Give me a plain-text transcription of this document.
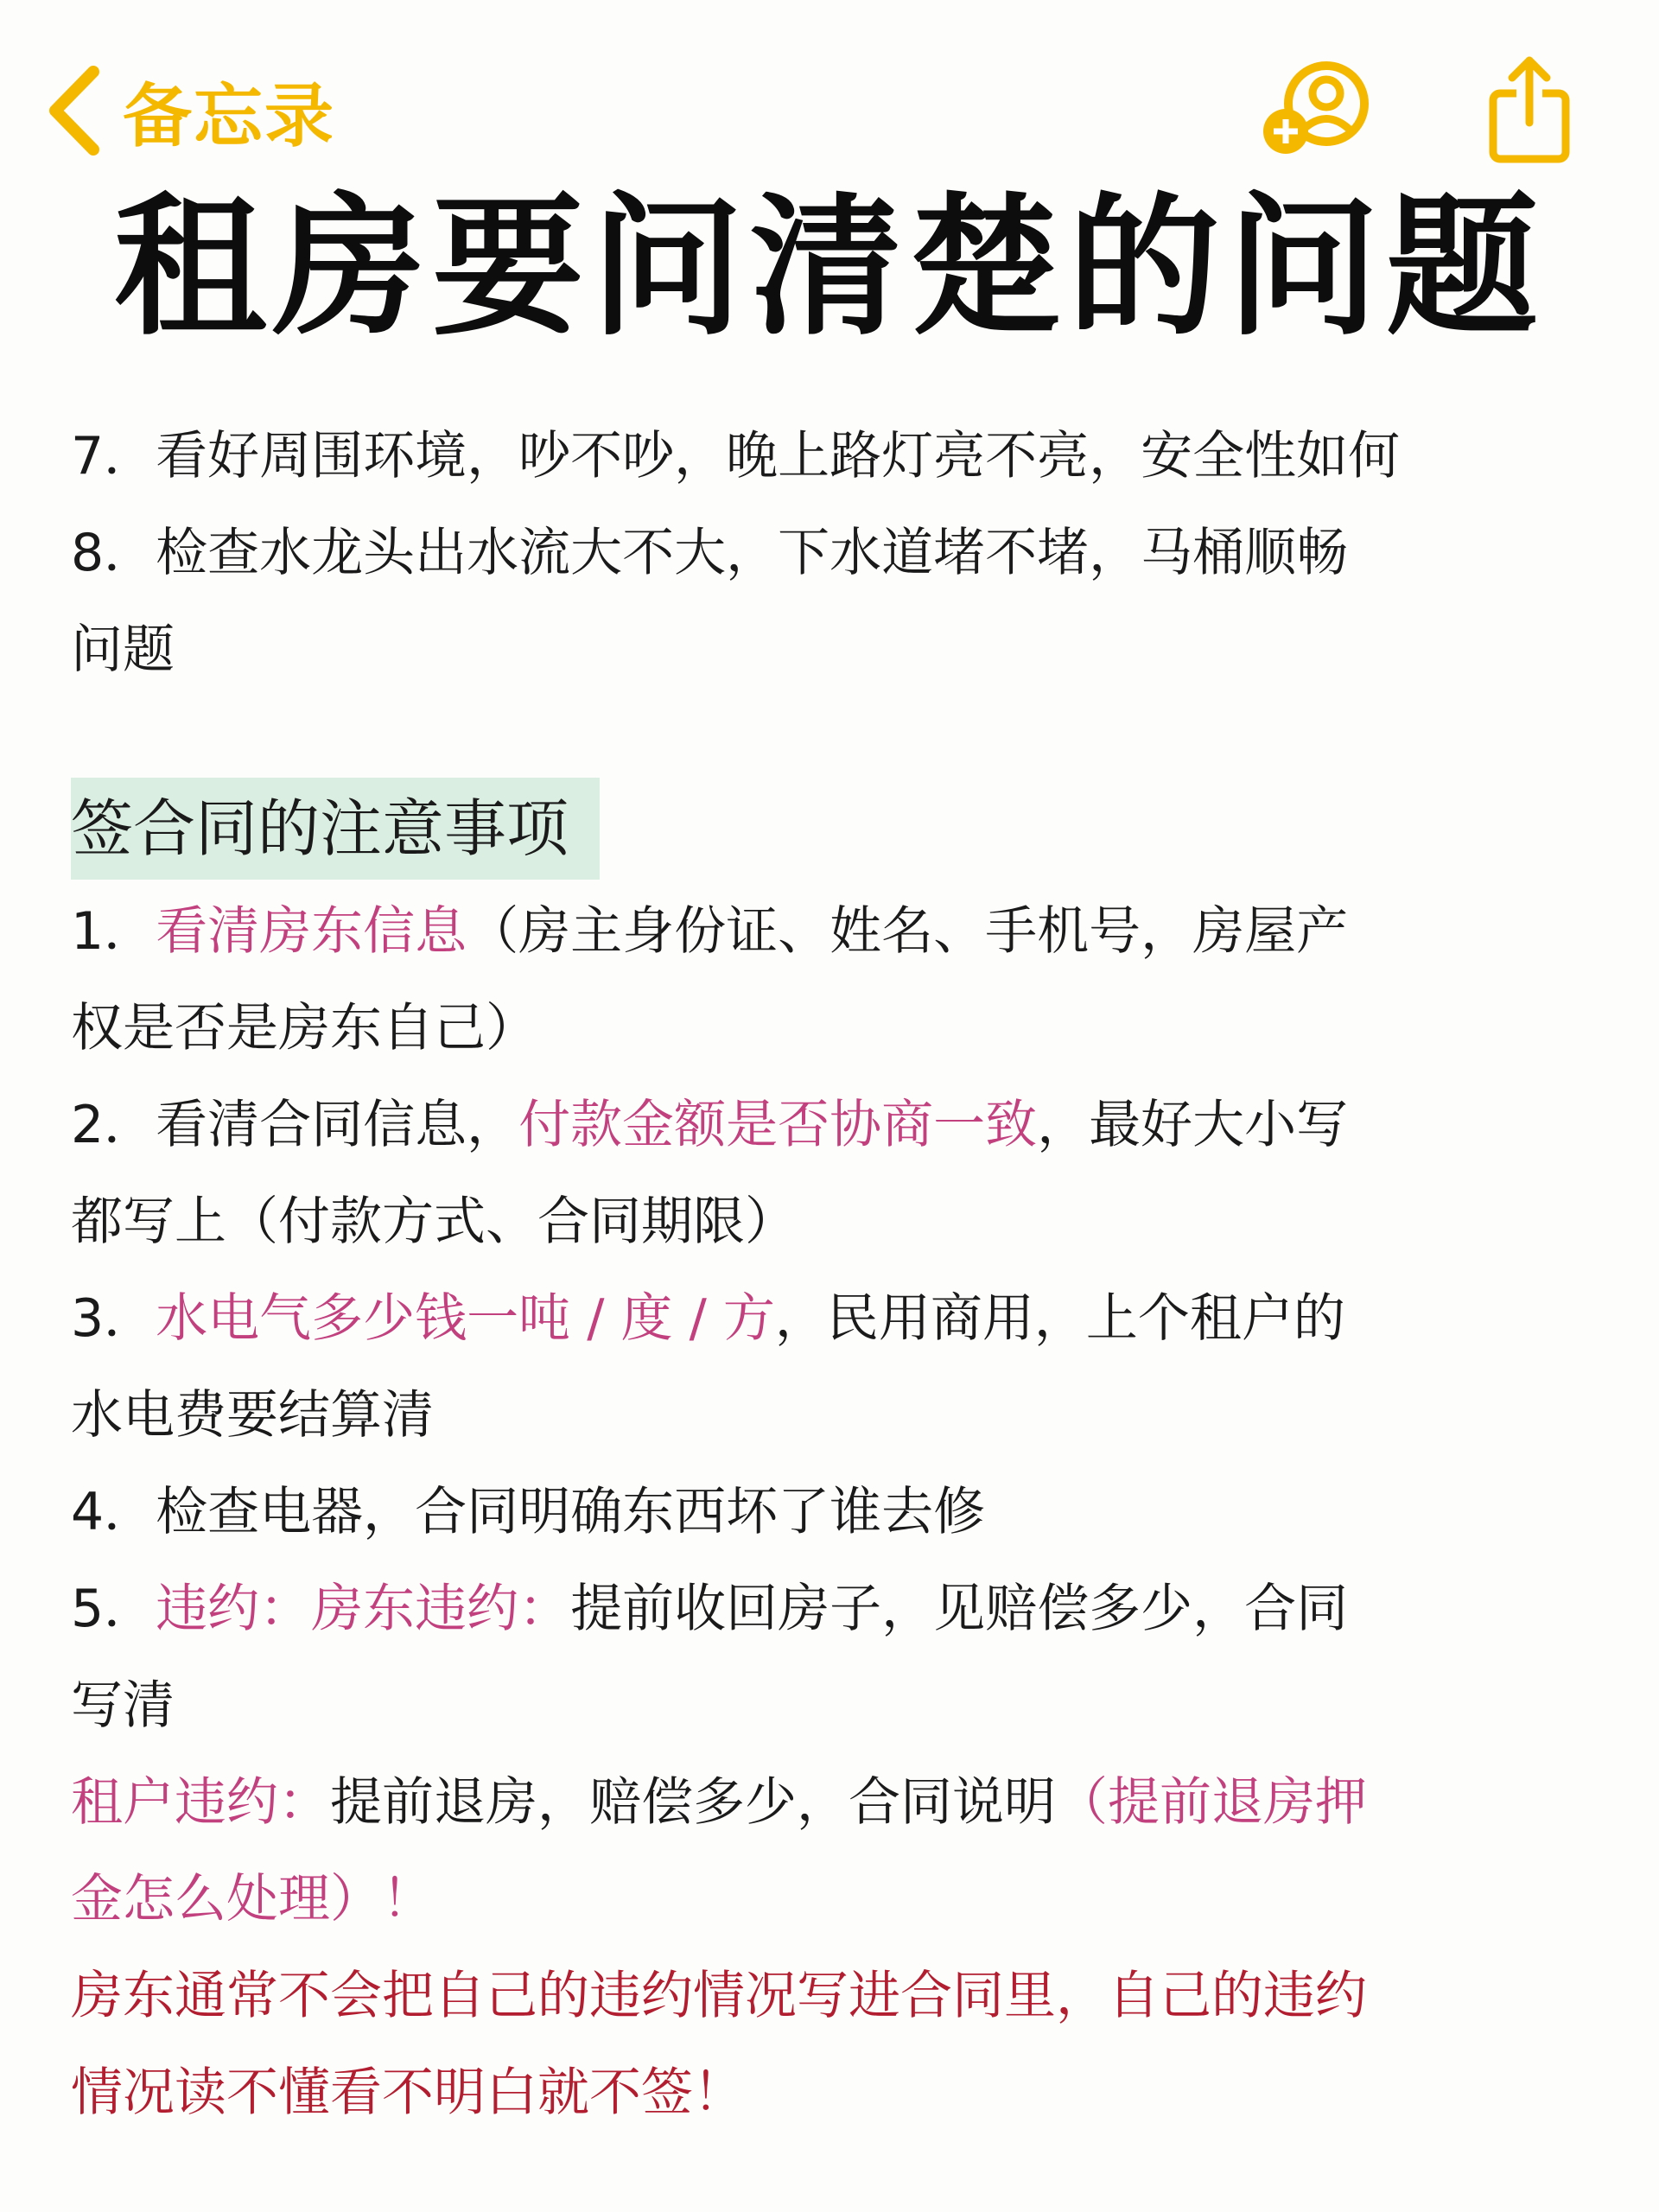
备忘录
租房要问清楚的问题
7．看好周围环境，吵不吵，晚上路灯亮不亮，安全性如何
8．检查水龙头出水流大不大，下水道堵不堵，马桶顺畅
问题
签合同的注意事项
1．看清房东信息（房主身份证、姓名、手机号，房屋产
权是否是房东自己）
2．看清合同信息，付款金额是否协商一致，最好大小写
都写上（付款方式、合同期限）
3．水电气多少钱一吨 / 度 / 方，民用商用，上个租户的
水电费要结算清
4．检查电器，合同明确东西坏了谁去修
5．违约：房东违约：提前收回房子，见赔偿多少，合同
写清
租户违约：提前退房，赔偿多少，合同说明（提前退房押
金怎么处理）！
房东通常不会把自己的违约情况写进合同里，自己的违约
情况读不懂看不明白就不签！
